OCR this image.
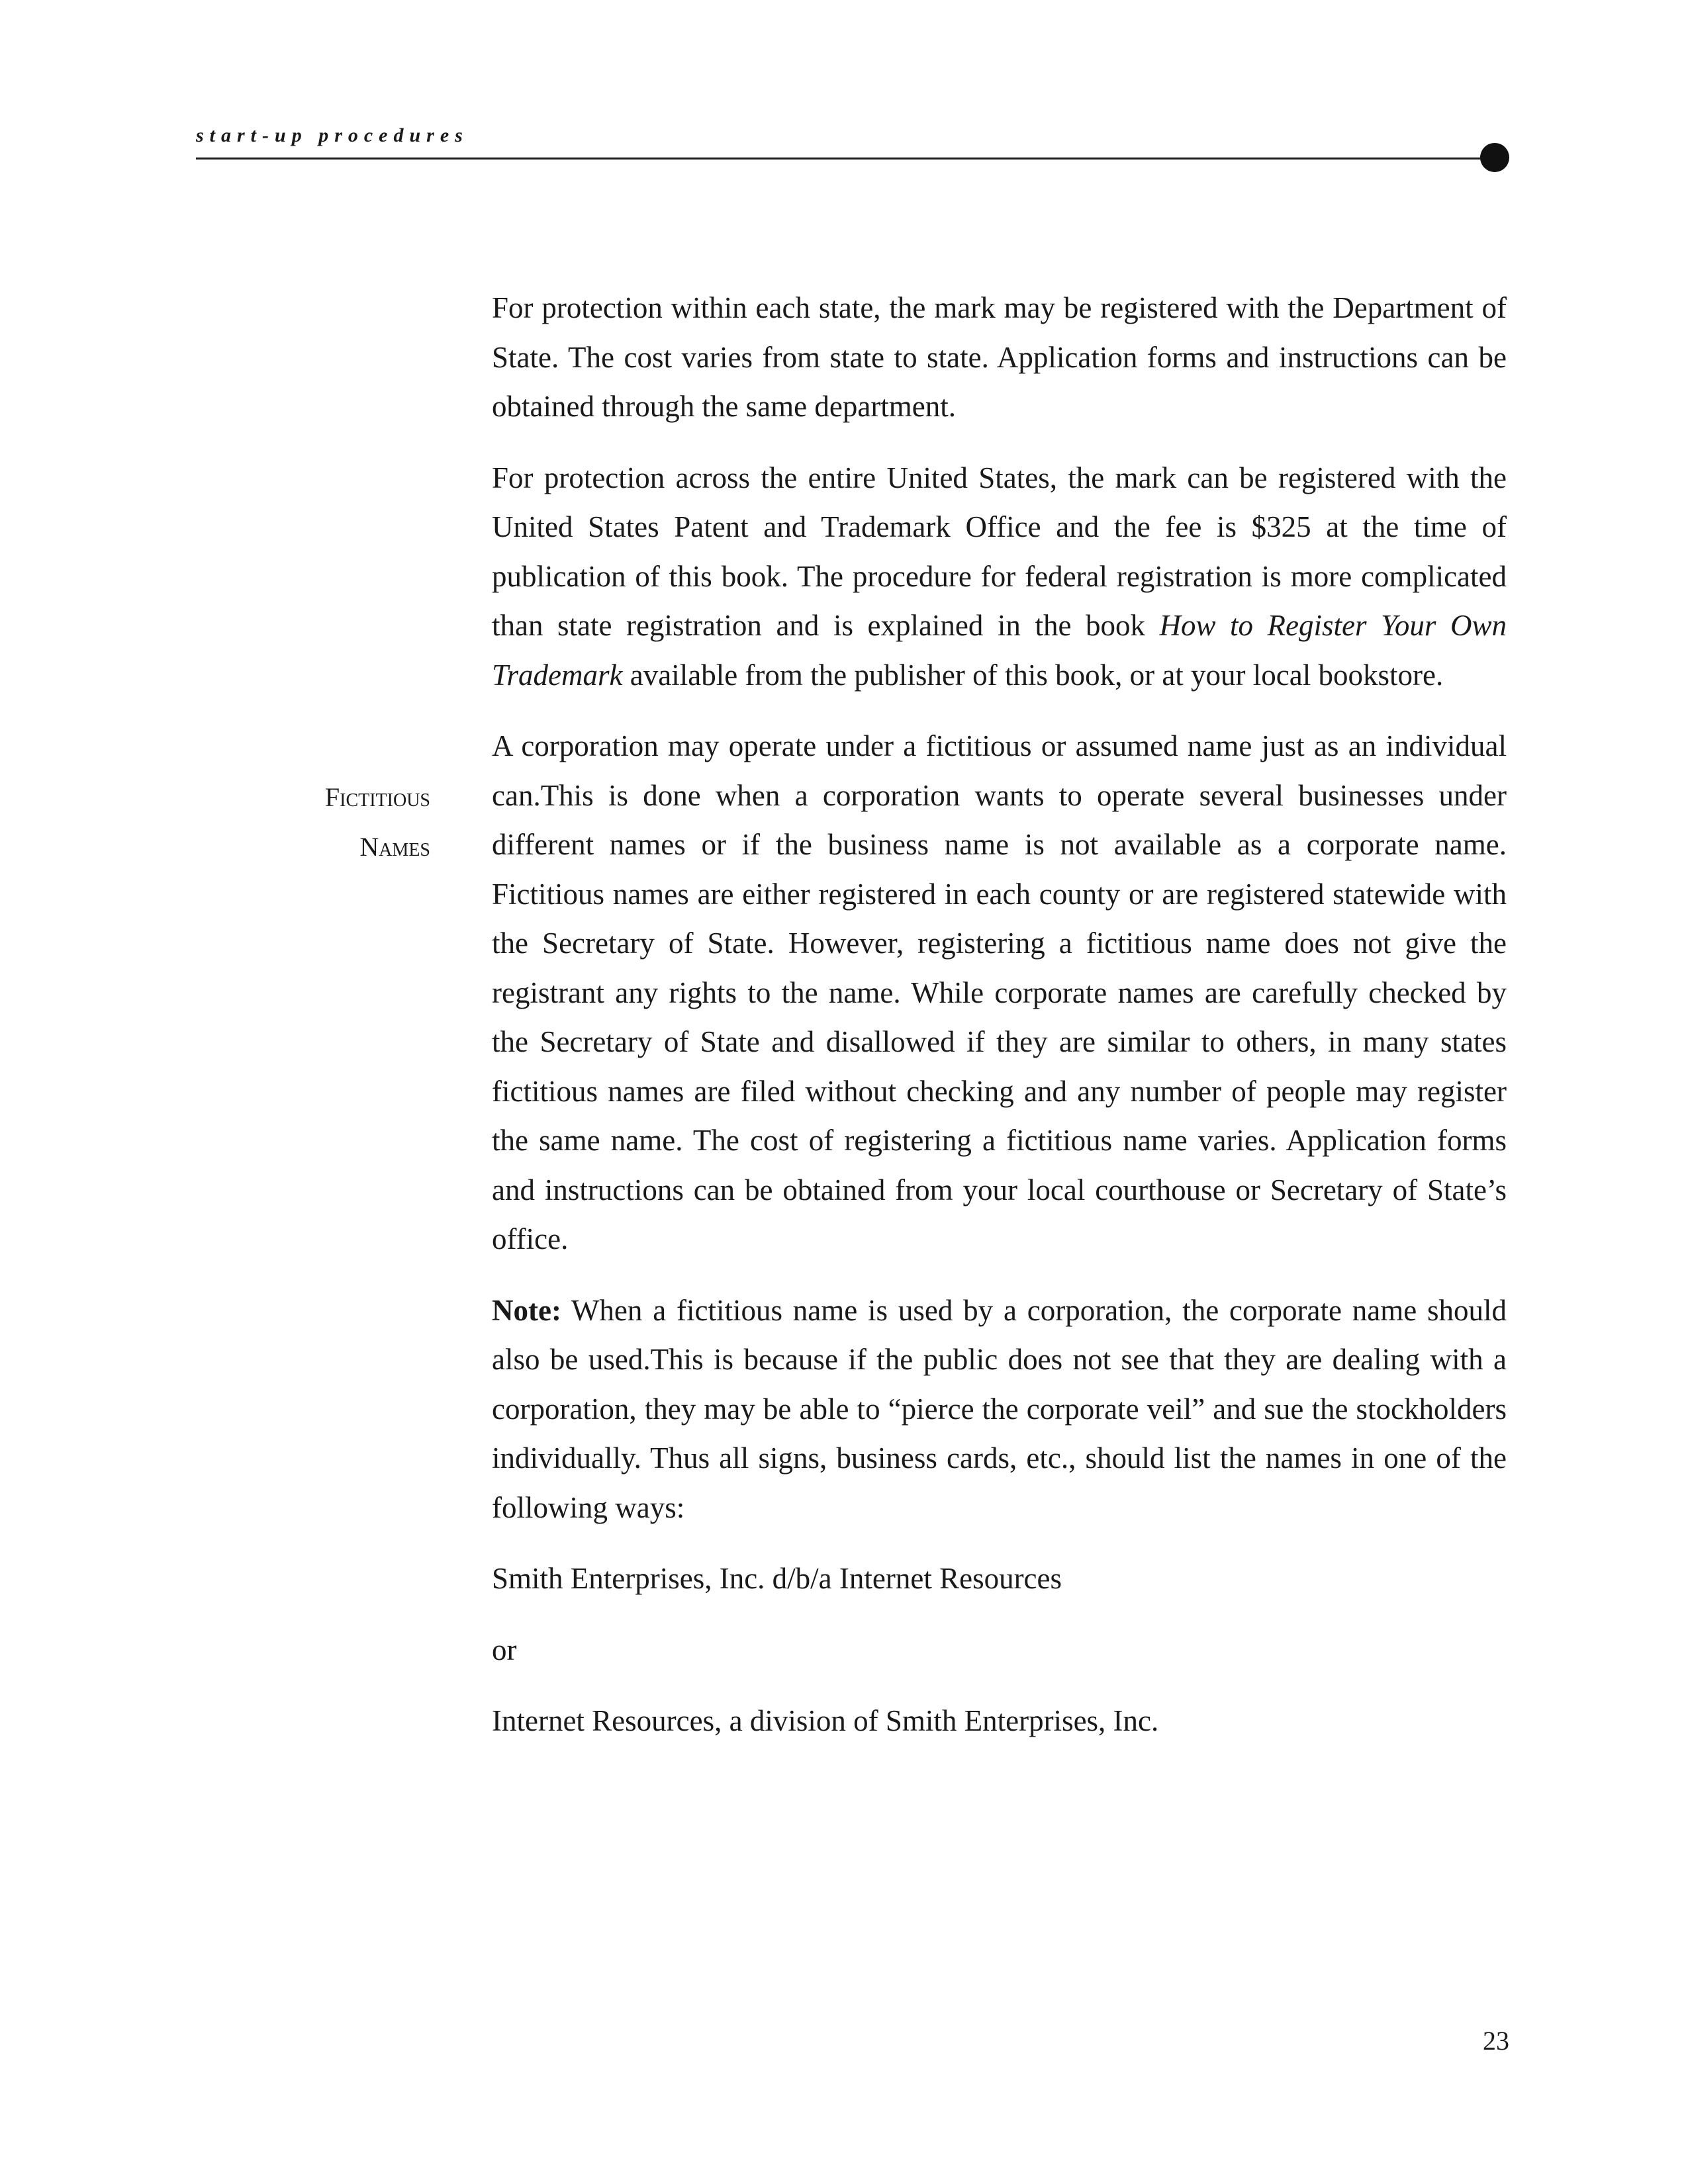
start-up procedures
Fictitious
Names

For protection within each state, the mark may be registered with the Department of State. The cost varies from state to state. Application forms and instructions can be obtained through the same department.

For protection across the entire United States, the mark can be registered with the United States Patent and Trademark Office and the fee is $325 at the time of publication of this book. The procedure for federal registration is more complicated than state registration and is explained in the book How to Register Your Own Trademark available from the publisher of this book, or at your local bookstore.

A corporation may operate under a fictitious or assumed name just as an individual can.This is done when a corporation wants to operate several businesses under different names or if the business name is not available as a corporate name. Fictitious names are either registered in each county or are registered statewide with the Secretary of State. However, registering a fictitious name does not give the registrant any rights to the name. While corporate names are carefully checked by the Secretary of State and disallowed if they are similar to others, in many states fictitious names are filed without checking and any number of people may register the same name. The cost of registering a fictitious name varies. Application forms and instructions can be obtained from your local courthouse or Secretary of State’s office.

Note: When a fictitious name is used by a corporation, the corporate name should also be used.This is because if the public does not see that they are dealing with a corporation, they may be able to “pierce the corporate veil” and sue the stockholders individually. Thus all signs, business cards, etc., should list the names in one of the following ways:

Smith Enterprises, Inc. d/b/a Internet Resources

or

Internet Resources, a division of Smith Enterprises, Inc.

23
